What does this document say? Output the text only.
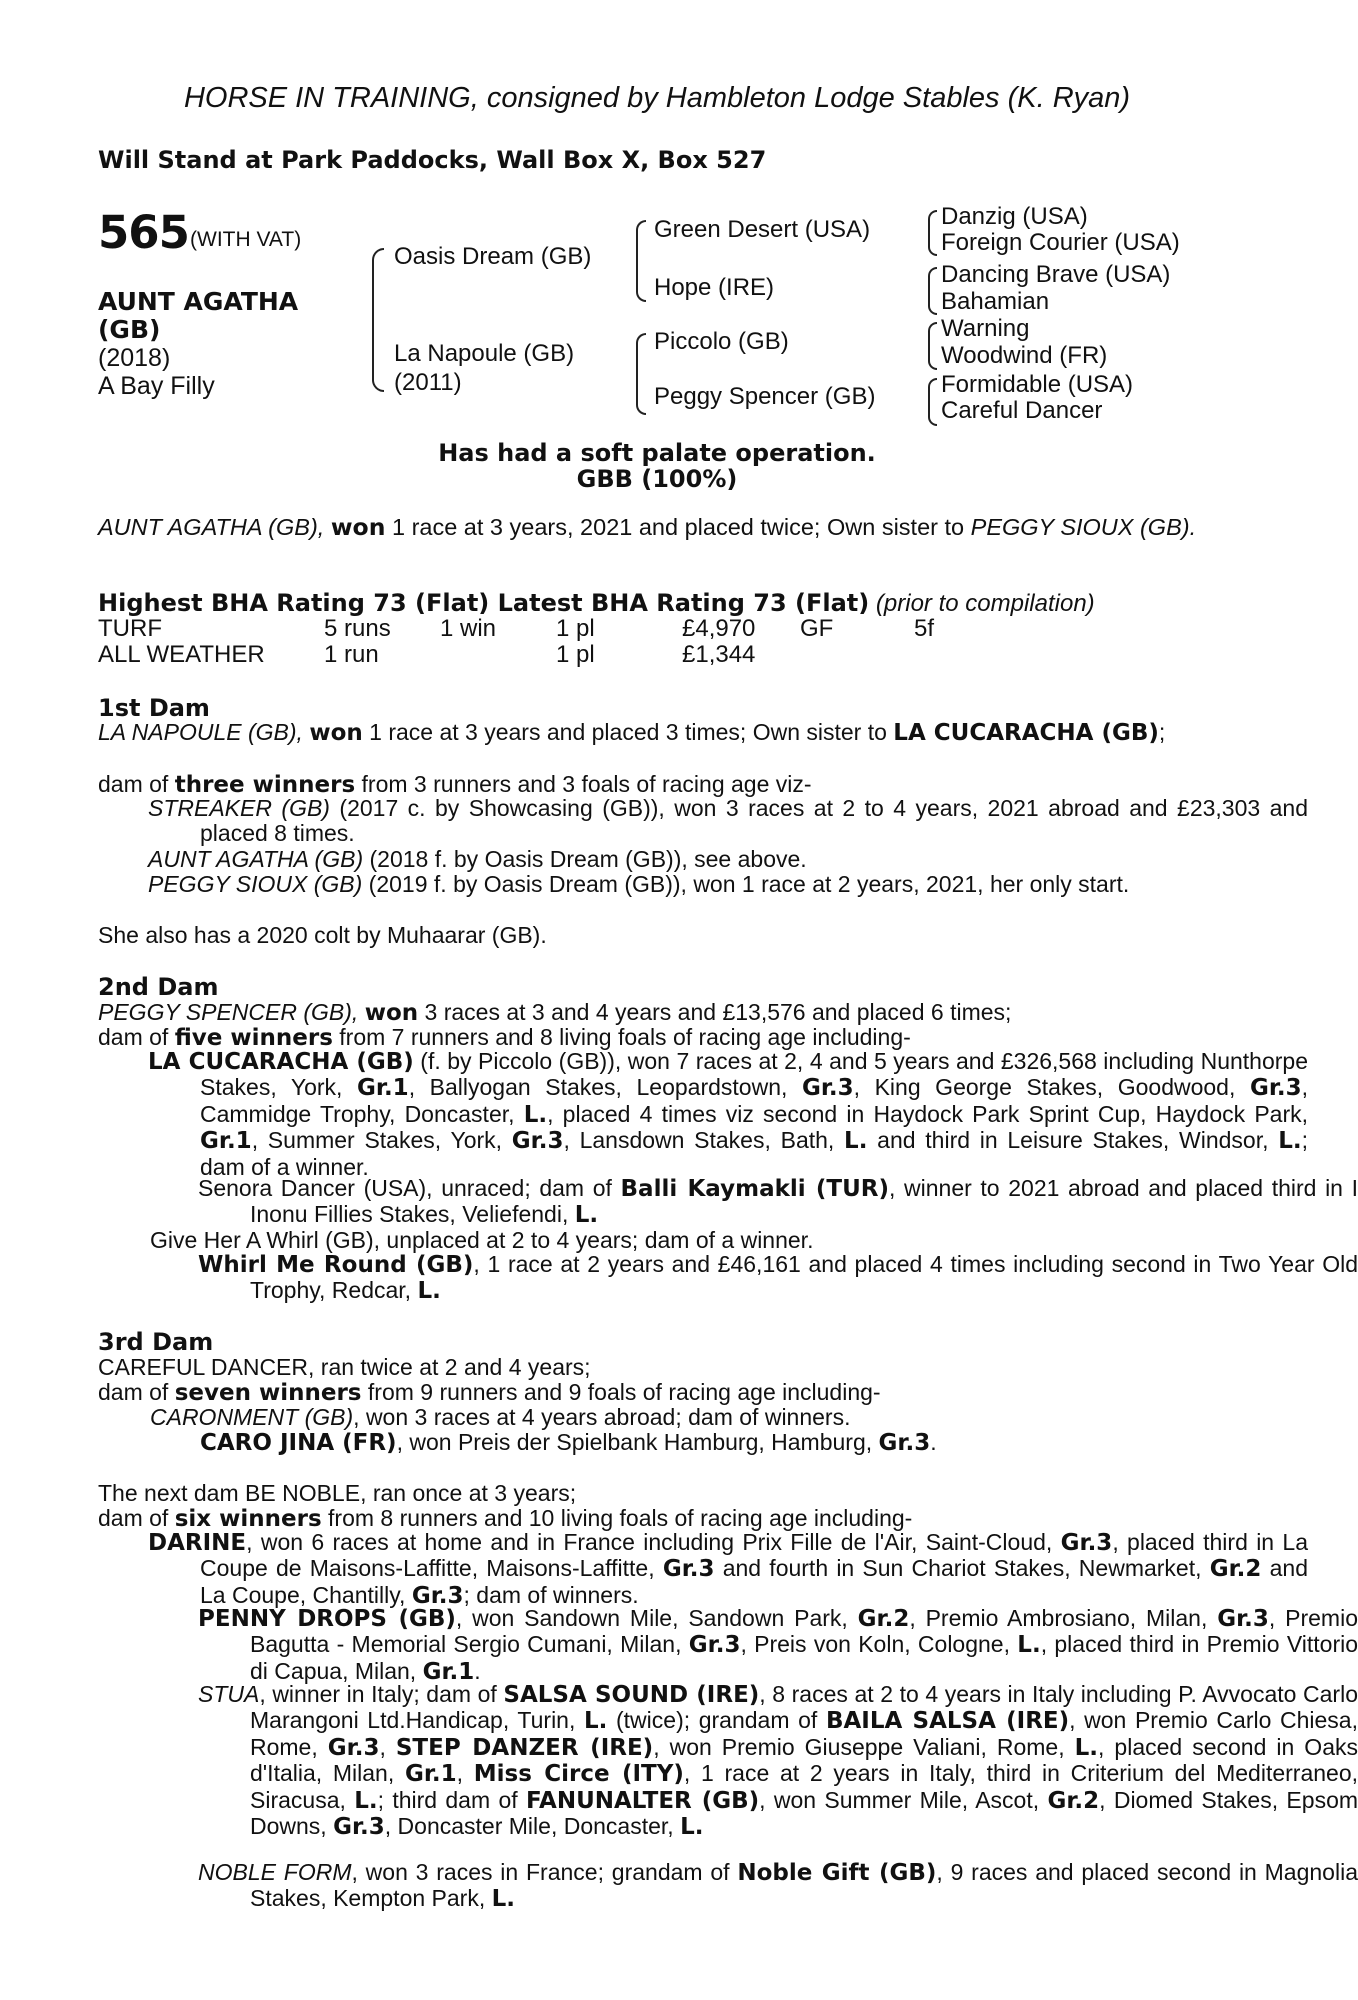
HORSE IN TRAINING, consigned by Hambleton Lodge Stables (K. Ryan)
Will Stand at Park Paddocks, Wall Box X, Box 527
565 (WITH VAT)
AUNT AGATHA
(GB)
(2018)
A Bay Filly
Oasis Dream (GB)
La Napoule (GB)
(2011)
Green Desert (USA)
Hope (IRE)
Piccolo (GB)
Peggy Spencer (GB)
Danzig (USA)
Foreign Courier (USA)
Dancing Brave (USA)
Bahamian
Warning
Woodwind (FR)
Formidable (USA)
Careful Dancer
Has had a soft palate operation.
GBB (100%)
AUNT AGATHA (GB), won 1 race at 3 years, 2021 and placed twice; Own sister to PEGGY SIOUX (GB).
Highest BHA Rating 73 (Flat) Latest BHA Rating 73 (Flat) (prior to compilation)
TURF	5 runs 1 win 1 pl	£4,970 GF	5f
ALL WEATHER 1 run	1 pl	£1,344
1st Dam
LA NAPOULE (GB), won 1 race at 3 years and placed 3 times; Own sister to LA CUCARACHA (GB);
dam of three winners from 3 runners and 3 foals of racing age viz-
STREAKER (GB) (2017 c. by Showcasing (GB)), won 3 races at 2 to 4 years, 2021 abroad and £23,303 and placed 8 times.
AUNT AGATHA (GB) (2018 f. by Oasis Dream (GB)), see above.
PEGGY SIOUX (GB) (2019 f. by Oasis Dream (GB)), won 1 race at 2 years, 2021, her only start.
She also has a 2020 colt by Muhaarar (GB).
2nd Dam
PEGGY SPENCER (GB), won 3 races at 3 and 4 years and £13,576 and placed 6 times;
dam of five winners from 7 runners and 8 living foals of racing age including-
LA CUCARACHA (GB) (f. by Piccolo (GB)), won 7 races at 2, 4 and 5 years and £326,568 including Nunthorpe Stakes, York, Gr.1, Ballyogan Stakes, Leopardstown, Gr.3, King George Stakes, Goodwood, Gr.3, Cammidge Trophy, Doncaster, L., placed 4 times viz second in Haydock Park Sprint Cup, Haydock Park, Gr.1, Summer Stakes, York, Gr.3, Lansdown Stakes, Bath, L. and third in Leisure Stakes, Windsor, L.; dam of a winner.
Senora Dancer (USA), unraced; dam of Balli Kaymakli (TUR), winner to 2021 abroad and placed third in I Inonu Fillies Stakes, Veliefendi, L.
Give Her A Whirl (GB), unplaced at 2 to 4 years; dam of a winner.
Whirl Me Round (GB), 1 race at 2 years and £46,161 and placed 4 times including second in Two Year Old Trophy, Redcar, L.
3rd Dam
CAREFUL DANCER, ran twice at 2 and 4 years;
dam of seven winners from 9 runners and 9 foals of racing age including-
CARONMENT (GB), won 3 races at 4 years abroad; dam of winners.
CARO JINA (FR), won Preis der Spielbank Hamburg, Hamburg, Gr.3.
The next dam BE NOBLE, ran once at 3 years;
dam of six winners from 8 runners and 10 living foals of racing age including-
DARINE, won 6 races at home and in France including Prix Fille de l'Air, Saint-Cloud, Gr.3, placed third in La Coupe de Maisons-Laffitte, Maisons-Laffitte, Gr.3 and fourth in Sun Chariot Stakes, Newmarket, Gr.2 and La Coupe, Chantilly, Gr.3; dam of winners.
PENNY DROPS (GB), won Sandown Mile, Sandown Park, Gr.2, Premio Ambrosiano, Milan, Gr.3, Premio Bagutta - Memorial Sergio Cumani, Milan, Gr.3, Preis von Koln, Cologne, L., placed third in Premio Vittorio di Capua, Milan, Gr.1.
STUA, winner in Italy; dam of SALSA SOUND (IRE), 8 races at 2 to 4 years in Italy including P. Avvocato Carlo Marangoni Ltd.Handicap, Turin, L. (twice); grandam of BAILA SALSA (IRE), won Premio Carlo Chiesa, Rome, Gr.3, STEP DANZER (IRE), won Premio Giuseppe Valiani, Rome, L., placed second in Oaks d'Italia, Milan, Gr.1, Miss Circe (ITY), 1 race at 2 years in Italy, third in Criterium del Mediterraneo, Siracusa, L.; third dam of FANUNALTER (GB), won Summer Mile, Ascot, Gr.2, Diomed Stakes, Epsom Downs, Gr.3, Doncaster Mile, Doncaster, L.
NOBLE FORM, won 3 races in France; grandam of Noble Gift (GB), 9 races and placed second in Magnolia Stakes, Kempton Park, L.
